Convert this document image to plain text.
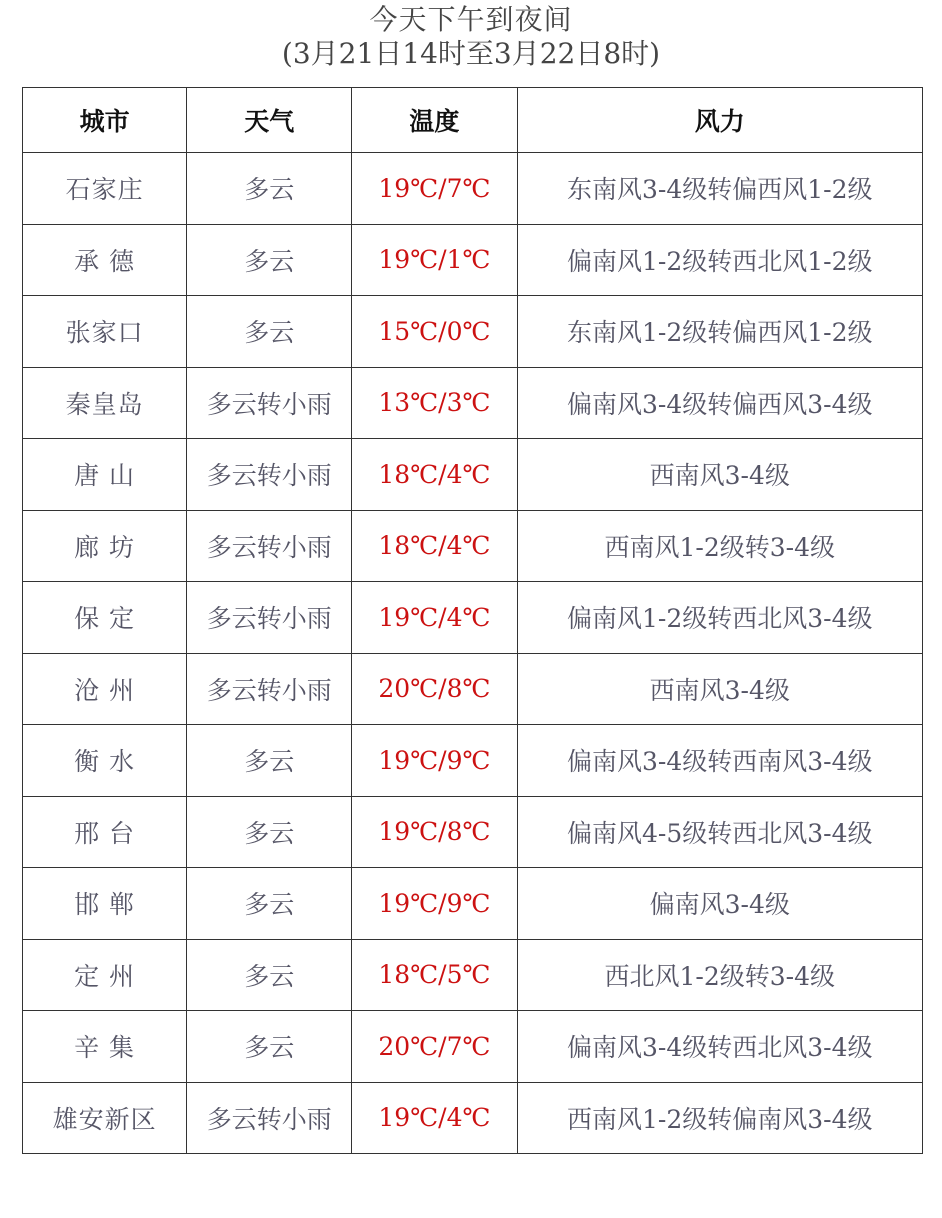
今天下午到夜间
(3月21日14时至3月22日8时)
城市	天气	温度	风力
石家庄	多云	19℃/7℃	东南风3-4级转偏西风1-2级
承 德	多云	19℃/1℃	偏南风1-2级转西北风1-2级
张家口	多云	15℃/0℃	东南风1-2级转偏西风1-2级
秦皇岛	多云转小雨	13℃/3℃	偏南风3-4级转偏西风3-4级
唐 山	多云转小雨	18℃/4℃	西南风3-4级
廊 坊	多云转小雨	18℃/4℃	西南风1-2级转3-4级
保 定	多云转小雨	19℃/4℃	偏南风1-2级转西北风3-4级
沧 州	多云转小雨	20℃/8℃	西南风3-4级
衡 水	多云	19℃/9℃	偏南风3-4级转西南风3-4级
邢 台	多云	19℃/8℃	偏南风4-5级转西北风3-4级
邯 郸	多云	19℃/9℃	偏南风3-4级
定 州	多云	18℃/5℃	西北风1-2级转3-4级
辛 集	多云	20℃/7℃	偏南风3-4级转西北风3-4级
雄安新区	多云转小雨	19℃/4℃	西南风1-2级转偏南风3-4级
